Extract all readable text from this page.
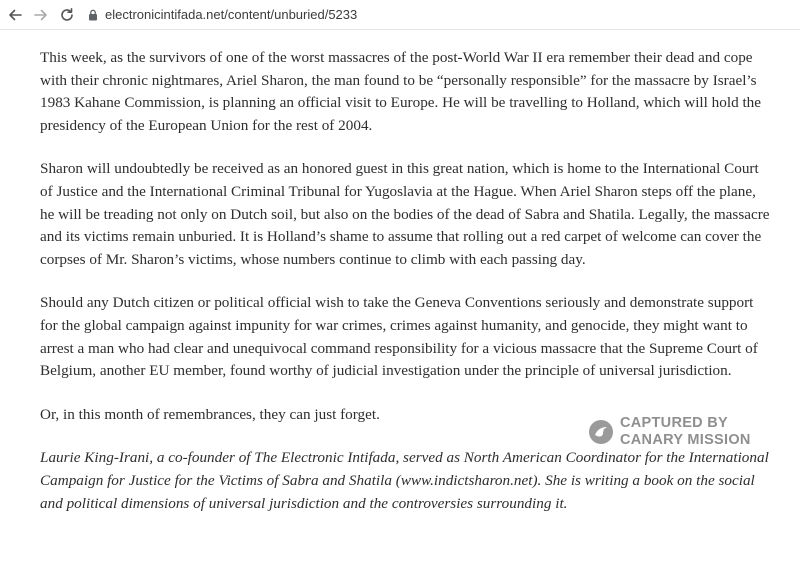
electronicintifada.net/content/unburied/5233

This week, as the survivors of one of the worst massacres of the post-World War II era remember their dead and cope with their chronic nightmares, Ariel Sharon, the man found to be “personally responsible” for the massacre by Israel’s 1983 Kahane Commission, is planning an official visit to Europe. He will be travelling to Holland, which will hold the presidency of the European Union for the rest of 2004.

Sharon will undoubtedly be received as an honored guest in this great nation, which is home to the International Court of Justice and the International Criminal Tribunal for Yugoslavia at the Hague. When Ariel Sharon steps off the plane, he will be treading not only on Dutch soil, but also on the bodies of the dead of Sabra and Shatila. Legally, the massacre and its victims remain unburied. It is Holland’s shame to assume that rolling out a red carpet of welcome can cover the corpses of Mr. Sharon’s victims, whose numbers continue to climb with each passing day.

Should any Dutch citizen or political official wish to take the Geneva Conventions seriously and demonstrate support for the global campaign against impunity for war crimes, crimes against humanity, and genocide, they might want to arrest a man who had clear and unequivocal command responsibility for a vicious massacre that the Supreme Court of Belgium, another EU member, found worthy of judicial investigation under the principle of universal jurisdiction.

Or, in this month of remembrances, they can just forget.

Laurie King-Irani, a co-founder of The Electronic Intifada, served as North American Coordinator for the International Campaign for Justice for the Victims of Sabra and Shatila (www.indictsharon.net). She is writing a book on the social and political dimensions of universal jurisdiction and the controversies surrounding it.

CAPTURED BY
CANARY MISSION
